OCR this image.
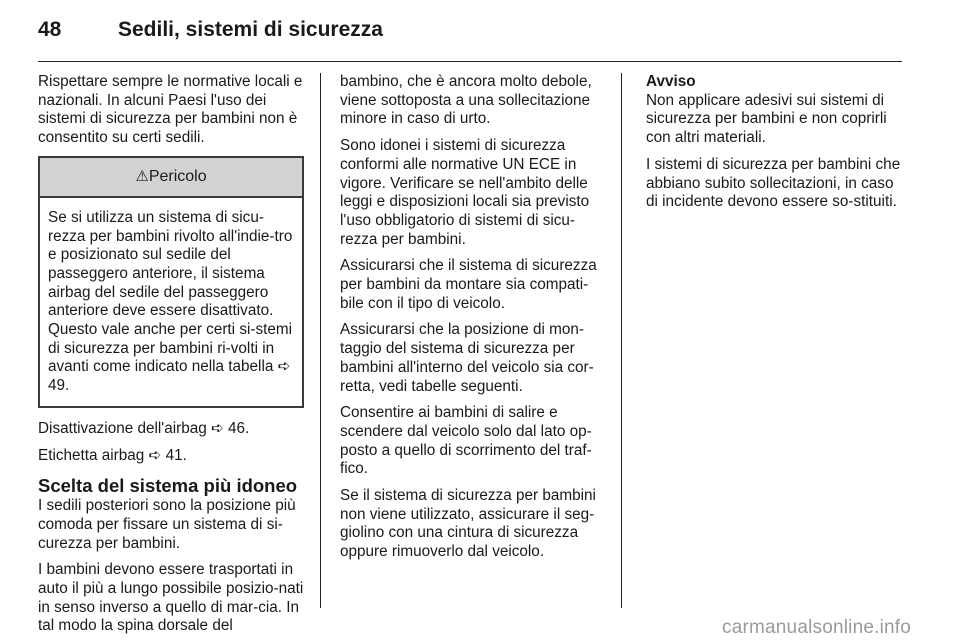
48	Sedili, sistemi di sicurezza

Rispettare sempre le normative locali e nazionali. In alcuni Paesi l'uso dei sistemi di sicurezza per bambini non è consentito su certi sedili.

⚠Pericolo
Se si utilizza un sistema di sicu-rezza per bambini rivolto all'indie-tro e posizionato sul sedile del passeggero anteriore, il sistema airbag del sedile del passeggero anteriore deve essere disattivato. Questo vale anche per certi si-stemi di sicurezza per bambini ri-volti in avanti come indicato nella tabella ➪ 49.

Disattivazione dell'airbag ➪ 46.

Etichetta airbag ➪ 41.

Scelta del sistema più idoneo

I sedili posteriori sono la posizione più comoda per fissare un sistema di si-curezza per bambini.

I bambini devono essere trasportati in auto il più a lungo possibile posizio-nati in senso inverso a quello di mar-cia. In tal modo la spina dorsale del

bambino, che è ancora molto debole, viene sottoposta a una sollecitazione minore in caso di urto.

Sono idonei i sistemi di sicurezza conformi alle normative UN ECE in vigore. Verificare se nell'ambito delle leggi e disposizioni locali sia previsto l'uso obbligatorio di sistemi di sicu-rezza per bambini.

Assicurarsi che il sistema di sicurezza per bambini da montare sia compati-bile con il tipo di veicolo.

Assicurarsi che la posizione di mon-taggio del sistema di sicurezza per bambini all'interno del veicolo sia cor-retta, vedi tabelle seguenti.

Consentire ai bambini di salire e scendere dal veicolo solo dal lato op-posto a quello di scorrimento del traf-fico.

Se il sistema di sicurezza per bambini non viene utilizzato, assicurare il seg-giolino con una cintura di sicurezza oppure rimuoverlo dal veicolo.

Avviso

Non applicare adesivi sui sistemi di sicurezza per bambini e non coprirli con altri materiali.

I sistemi di sicurezza per bambini che abbiano subito sollecitazioni, in caso di incidente devono essere so-stituiti.

carmanualsonline.info
